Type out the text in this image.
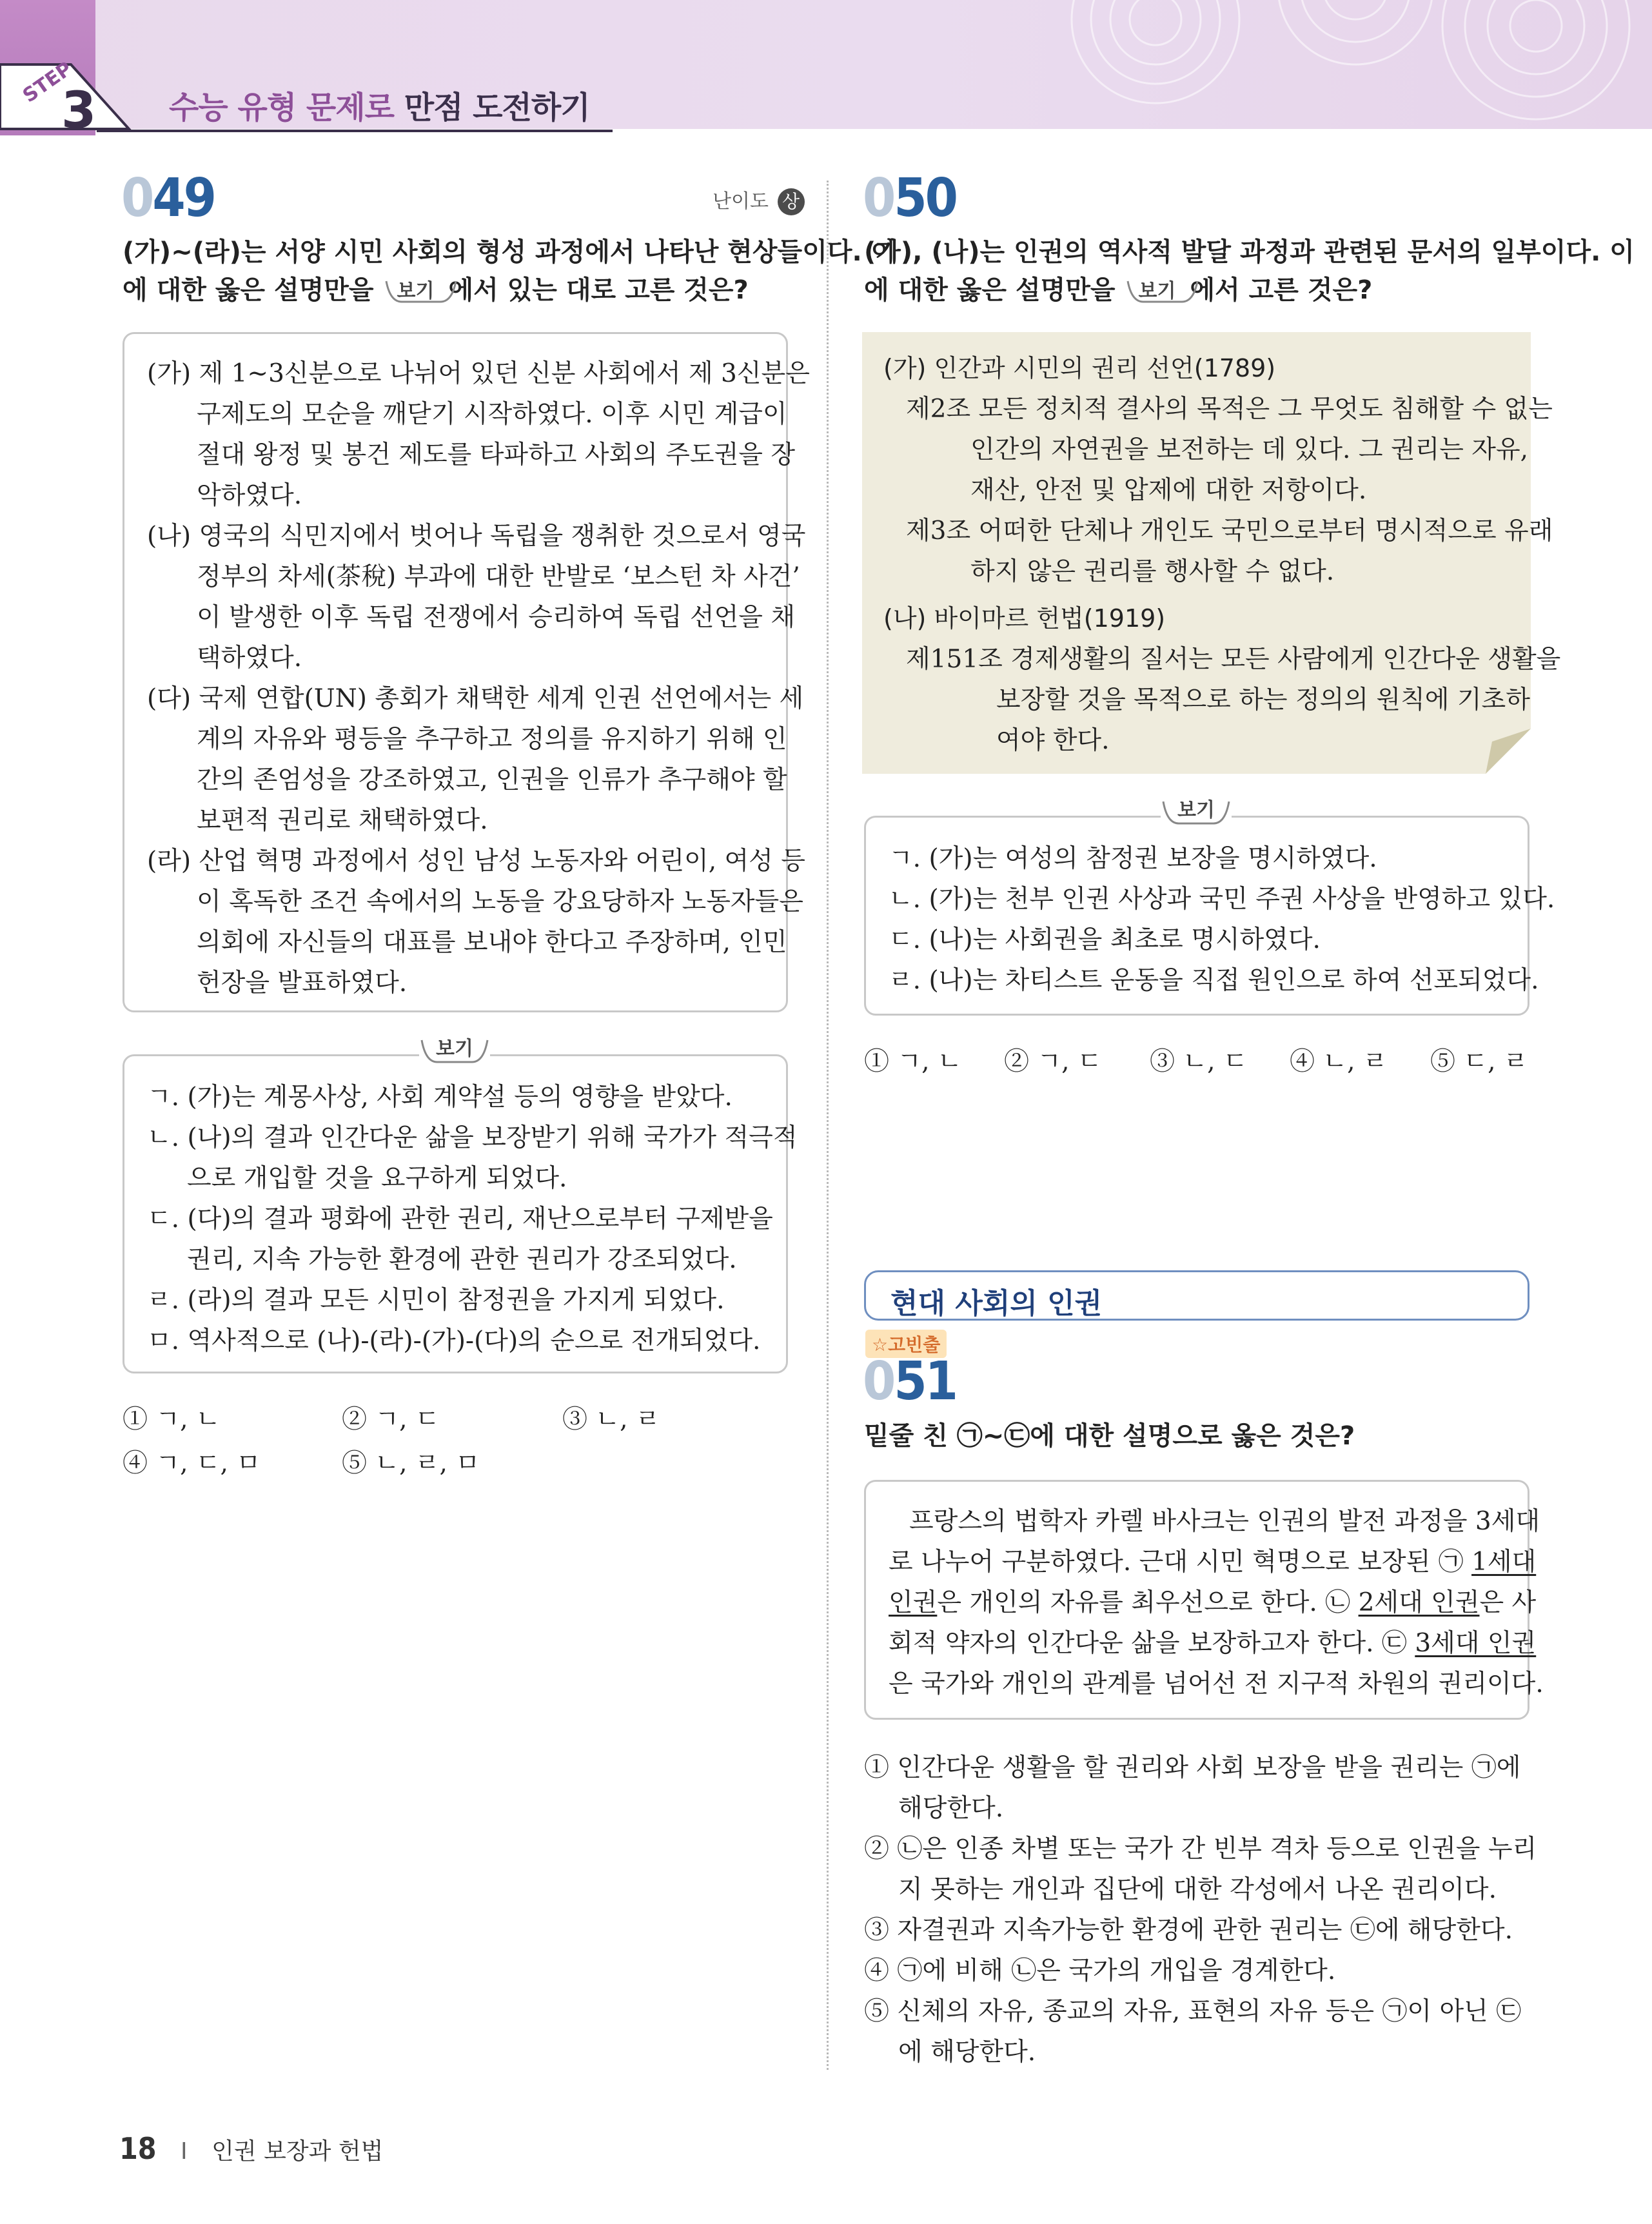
STEP
3 수능 유형 문제로 만점 도전하기
049	난이도 상
(가)~(라)는 서양 시민 사회의 형성 과정에서 나타난 현상들이다. 이
에 대한 옳은 설명만을 보기 에서 있는 대로 고른 것은?
(가) 제 1~3신분으로 나뉘어 있던 신분 사회에서 제 3신분은
구제도의 모순을 깨닫기 시작하였다. 이후 시민 계급이
절대 왕정 및 봉건 제도를 타파하고 사회의 주도권을 장
악하였다.
(나) 영국의 식민지에서 벗어나 독립을 쟁취한 것으로서 영국
정부의 차세(茶稅) 부과에 대한 반발로 ‘보스턴 차 사건’
이 발생한 이후 독립 전쟁에서 승리하여 독립 선언을 채
택하였다.
(다) 국제 연합(UN) 총회가 채택한 세계 인권 선언에서는 세
계의 자유와 평등을 추구하고 정의를 유지하기 위해 인
간의 존엄성을 강조하였고, 인권을 인류가 추구해야 할
보편적 권리로 채택하였다.
(라) 산업 혁명 과정에서 성인 남성 노동자와 어린이, 여성 등
이 혹독한 조건 속에서의 노동을 강요당하자 노동자들은
의회에 자신들의 대표를 보내야 한다고 주장하며, 인민
헌장을 발표하였다.
보기
ㄱ. (가)는 계몽사상, 사회 계약설 등의 영향을 받았다.
ㄴ. (나)의 결과 인간다운 삶을 보장받기 위해 국가가 적극적
으로 개입할 것을 요구하게 되었다.
ㄷ. (다)의 결과 평화에 관한 권리, 재난으로부터 구제받을
권리, 지속 가능한 환경에 관한 권리가 강조되었다.
ㄹ. (라)의 결과 모든 시민이 참정권을 가지게 되었다.
ㅁ. 역사적으로 (나)-(라)-(가)-(다)의 순으로 전개되었다.
① ㄱ, ㄴ	② ㄱ, ㄷ	③ ㄴ, ㄹ
④ ㄱ, ㄷ, ㅁ	⑤ ㄴ, ㄹ, ㅁ
050
(가), (나)는 인권의 역사적 발달 과정과 관련된 문서의 일부이다. 이
에 대한 옳은 설명만을 보기 에서 고른 것은?
(가) 인간과 시민의 권리 선언(1789)
제2조 모든 정치적 결사의 목적은 그 무엇도 침해할 수 없는
인간의 자연권을 보전하는 데 있다. 그 권리는 자유,
재산, 안전 및 압제에 대한 저항이다.
제3조 어떠한 단체나 개인도 국민으로부터 명시적으로 유래
하지 않은 권리를 행사할 수 없다.
(나) 바이마르 헌법(1919)
제151조 경제생활의 질서는 모든 사람에게 인간다운 생활을
보장할 것을 목적으로 하는 정의의 원칙에 기초하
여야 한다.
보기
ㄱ. (가)는 여성의 참정권 보장을 명시하였다.
ㄴ. (가)는 천부 인권 사상과 국민 주권 사상을 반영하고 있다.
ㄷ. (나)는 사회권을 최초로 명시하였다.
ㄹ. (나)는 차티스트 운동을 직접 원인으로 하여 선포되었다.
① ㄱ, ㄴ ② ㄱ, ㄷ ③ ㄴ, ㄷ ④ ㄴ, ㄹ ⑤ ㄷ, ㄹ
현대 사회의 인권
☆고빈출
051
밑줄 친 ㉠~㉢에 대한 설명으로 옳은 것은?
프랑스의 법학자 카렐 바사크는 인권의 발전 과정을 3세대
로 나누어 구분하였다. 근대 시민 혁명으로 보장된 ㉠ 1세대
인권은 개인의 자유를 최우선으로 한다. ㉡ 2세대 인권은 사
회적 약자의 인간다운 삶을 보장하고자 한다. ㉢ 3세대 인권
은 국가와 개인의 관계를 넘어선 전 지구적 차원의 권리이다.
① 인간다운 생활을 할 권리와 사회 보장을 받을 권리는 ㉠에
해당한다.
② ㉡은 인종 차별 또는 국가 간 빈부 격차 등으로 인권을 누리
지 못하는 개인과 집단에 대한 각성에서 나온 권리이다.
③ 자결권과 지속가능한 환경에 관한 권리는 ㉢에 해당한다.
④ ㉠에 비해 ㉡은 국가의 개입을 경계한다.
⑤ 신체의 자유, 종교의 자유, 표현의 자유 등은 ㉠이 아닌 ㉢
에 해당한다.
18 I 인권 보장과 헌법
